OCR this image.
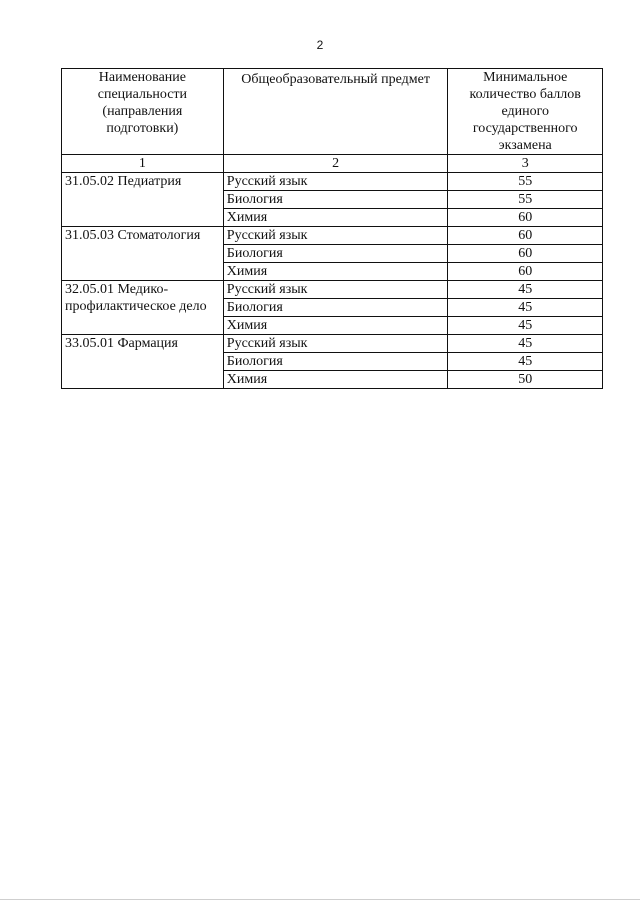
2
Наименование специальности (направления подготовки)	Общеобразовательный предмет	Минимальное количество баллов единого государственного экзамена
1	2	3
31.05.02 Педиатрия	Русский язык	55
	Биология	55
	Химия	60
31.05.03 Стоматология	Русский язык	60
	Биология	60
	Химия	60
32.05.01 Медико-профилактическое дело	Русский язык	45
	Биология	45
	Химия	45
33.05.01 Фармация	Русский язык	45
	Биология	45
	Химия	50
